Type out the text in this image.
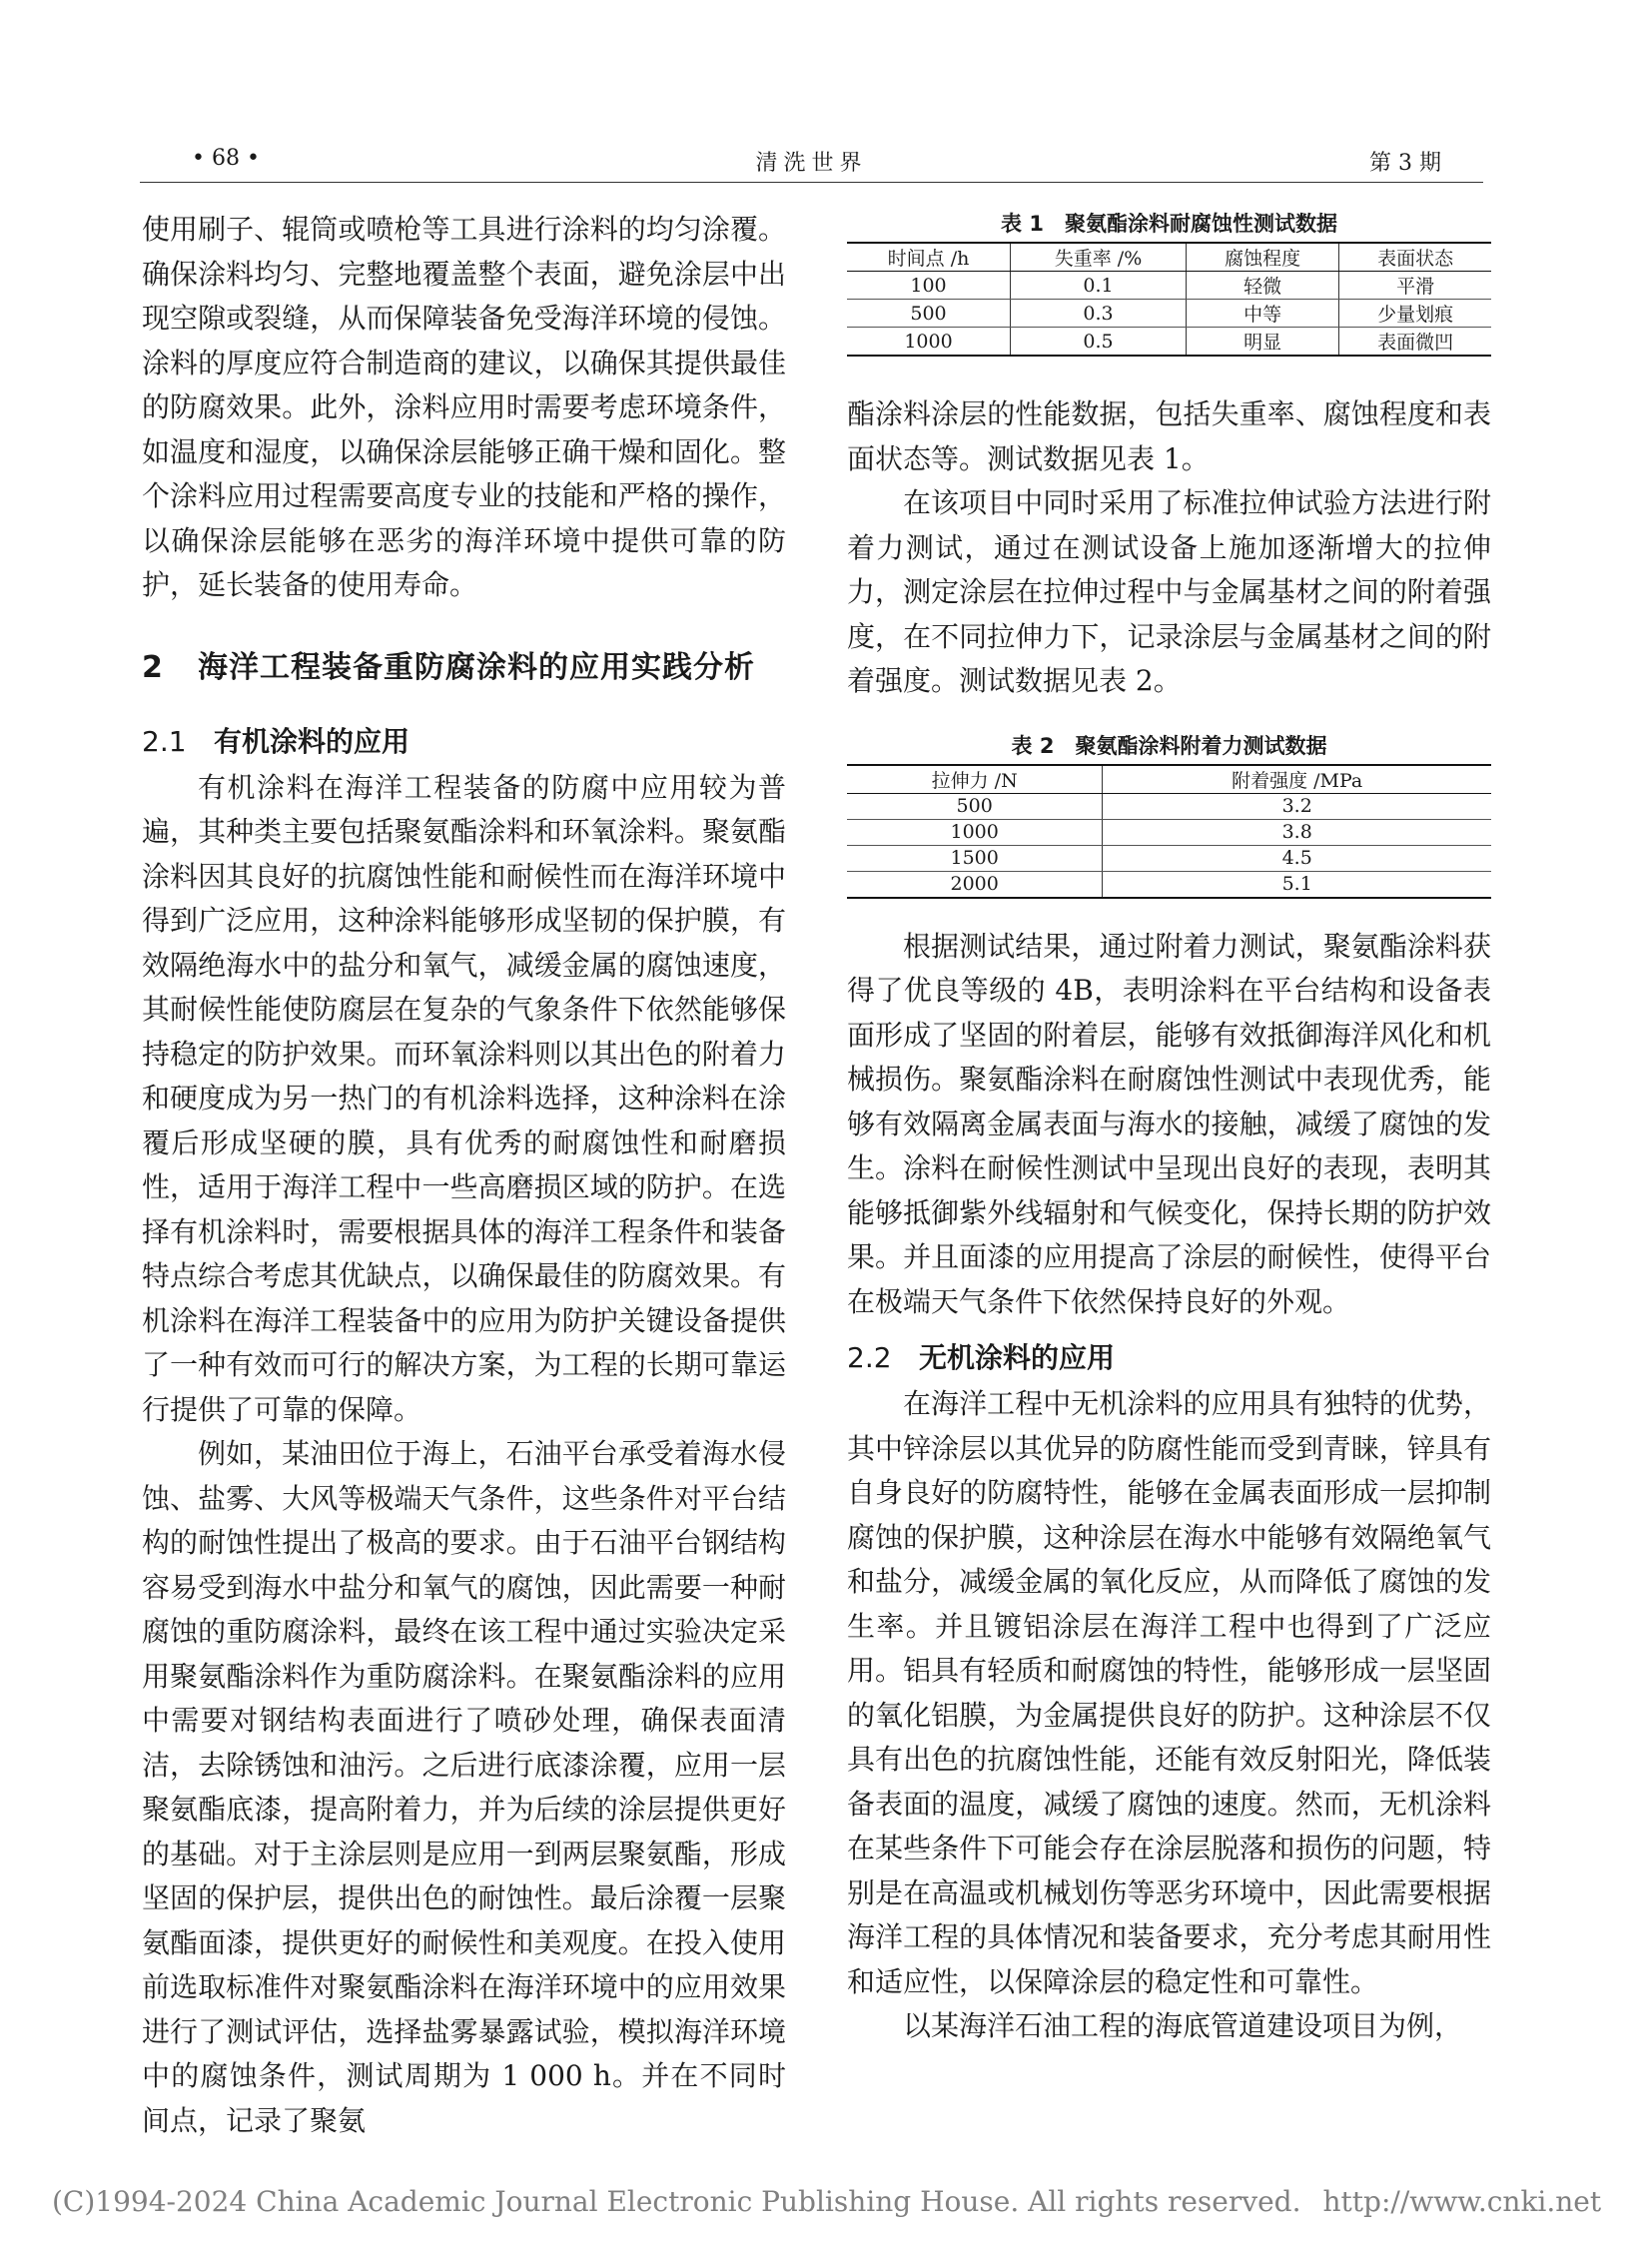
• 68 •	清洗世界	第 3 期

使用刷子、辊筒或喷枪等工具进行涂料的均匀涂覆。确保涂料均匀、完整地覆盖整个表面，避免涂层中出现空隙或裂缝，从而保障装备免受海洋环境的侵蚀。涂料的厚度应符合制造商的建议，以确保其提供最佳的防腐效果。此外，涂料应用时需要考虑环境条件，如温度和湿度，以确保涂层能够正确干燥和固化。整个涂料应用过程需要高度专业的技能和严格的操作，以确保涂层能够在恶劣的海洋环境中提供可靠的防护，延长装备的使用寿命。

2 海洋工程装备重防腐涂料的应用实践分析
2.1 有机涂料的应用

有机涂料在海洋工程装备的防腐中应用较为普遍，其种类主要包括聚氨酯涂料和环氧涂料。聚氨酯涂料因其良好的抗腐蚀性能和耐候性而在海洋环境中得到广泛应用，这种涂料能够形成坚韧的保护膜，有效隔绝海水中的盐分和氧气，减缓金属的腐蚀速度，其耐候性能使防腐层在复杂的气象条件下依然能够保持稳定的防护效果。而环氧涂料则以其出色的附着力和硬度成为另一热门的有机涂料选择，这种涂料在涂覆后形成坚硬的膜，具有优秀的耐腐蚀性和耐磨损性，适用于海洋工程中一些高磨损区域的防护。在选择有机涂料时，需要根据具体的海洋工程条件和装备特点综合考虑其优缺点，以确保最佳的防腐效果。有机涂料在海洋工程装备中的应用为防护关键设备提供了一种有效而可行的解决方案，为工程的长期可靠运行提供了可靠的保障。

例如，某油田位于海上，石油平台承受着海水侵蚀、盐雾、大风等极端天气条件，这些条件对平台结构的耐蚀性提出了极高的要求。由于石油平台钢结构容易受到海水中盐分和氧气的腐蚀，因此需要一种耐腐蚀的重防腐涂料，最终在该工程中通过实验决定采用聚氨酯涂料作为重防腐涂料。在聚氨酯涂料的应用中需要对钢结构表面进行了喷砂处理，确保表面清洁，去除锈蚀和油污。之后进行底漆涂覆，应用一层聚氨酯底漆，提高附着力，并为后续的涂层提供更好的基础。对于主涂层则是应用一到两层聚氨酯，形成坚固的保护层，提供出色的耐蚀性。最后涂覆一层聚氨酯面漆，提供更好的耐候性和美观度。在投入使用前选取标准件对聚氨酯涂料在海洋环境中的应用效果进行了测试评估，选择盐雾暴露试验，模拟海洋环境中的腐蚀条件，测试周期为 1 000 h。并在不同时间点，记录了聚氨

表 1　聚氨酯涂料耐腐蚀性测试数据
时间点 /h	失重率 /%	腐蚀程度	表面状态
100	0.1	轻微	平滑
500	0.3	中等	少量划痕
1000	0.5	明显	表面微凹

酯涂料涂层的性能数据，包括失重率、腐蚀程度和表面状态等。测试数据见表 1。

在该项目中同时采用了标准拉伸试验方法进行附着力测试，通过在测试设备上施加逐渐增大的拉伸力，测定涂层在拉伸过程中与金属基材之间的附着强度，在不同拉伸力下，记录涂层与金属基材之间的附着强度。测试数据见表 2。

表 2　聚氨酯涂料附着力测试数据
拉伸力 /N	附着强度 /MPa
500	3.2
1000	3.8
1500	4.5
2000	5.1

根据测试结果，通过附着力测试，聚氨酯涂料获得了优良等级的 4B，表明涂料在平台结构和设备表面形成了坚固的附着层，能够有效抵御海洋风化和机械损伤。聚氨酯涂料在耐腐蚀性测试中表现优秀，能够有效隔离金属表面与海水的接触，减缓了腐蚀的发生。涂料在耐候性测试中呈现出良好的表现，表明其能够抵御紫外线辐射和气候变化，保持长期的防护效果。并且面漆的应用提高了涂层的耐候性，使得平台在极端天气条件下依然保持良好的外观。

2.2 无机涂料的应用

在海洋工程中无机涂料的应用具有独特的优势，其中锌涂层以其优异的防腐性能而受到青睐，锌具有自身良好的防腐特性，能够在金属表面形成一层抑制腐蚀的保护膜，这种涂层在海水中能够有效隔绝氧气和盐分，减缓金属的氧化反应，从而降低了腐蚀的发生率。并且镀铝涂层在海洋工程中也得到了广泛应用。铝具有轻质和耐腐蚀的特性，能够形成一层坚固的氧化铝膜，为金属提供良好的防护。这种涂层不仅具有出色的抗腐蚀性能，还能有效反射阳光，降低装备表面的温度，减缓了腐蚀的速度。然而，无机涂料在某些条件下可能会存在涂层脱落和损伤的问题，特别是在高温或机械划伤等恶劣环境中，因此需要根据海洋工程的具体情况和装备要求，充分考虑其耐用性和适应性，以保障涂层的稳定性和可靠性。

以某海洋石油工程的海底管道建设项目为例，

(C)1994-2024 China Academic Journal Electronic Publishing House. All rights reserved. http://www.cnki.net
